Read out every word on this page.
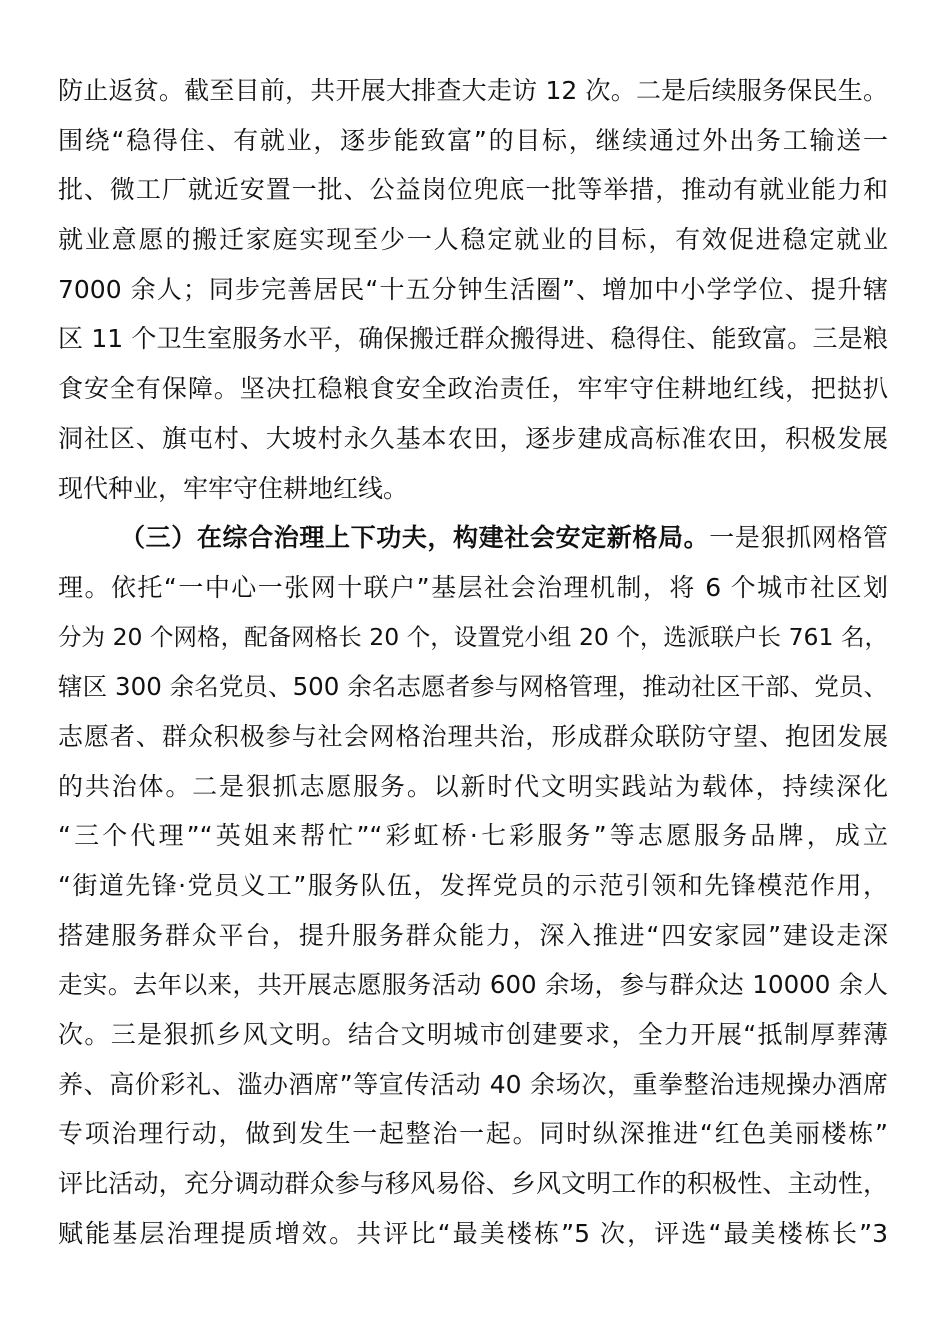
防止返贫。截至目前，共开展大排查大走访 12 次。二是后续服务保民生。
围绕“稳得住、有就业，逐步能致富”的目标，继续通过外出务工输送一
批、微工厂就近安置一批、公益岗位兜底一批等举措，推动有就业能力和
就业意愿的搬迁家庭实现至少一人稳定就业的目标，有效促进稳定就业
7000 余人；同步完善居民“十五分钟生活圈”、增加中小学学位、提升辖
区 11 个卫生室服务水平，确保搬迁群众搬得进、稳得住、能致富。三是粮
食安全有保障。坚决扛稳粮食安全政治责任，牢牢守住耕地红线，把挞扒
洞社区、旗屯村、大坡村永久基本农田，逐步建成高标准农田，积极发展
现代种业，牢牢守住耕地红线。
（三）在综合治理上下功夫，构建社会安定新格局。一是狠抓网格管
理。依托“一中心一张网十联户”基层社会治理机制，将 6 个城市社区划
分为 20 个网格，配备网格长 20 个，设置党小组 20 个，选派联户长 761 名，
辖区 300 余名党员、500 余名志愿者参与网格管理，推动社区干部、党员、
志愿者、群众积极参与社会网格治理共治，形成群众联防守望、抱团发展
的共治体。二是狠抓志愿服务。以新时代文明实践站为载体，持续深化
“三个代理”“英姐来帮忙”“彩虹桥·七彩服务”等志愿服务品牌，成立
“街道先锋·党员义工”服务队伍，发挥党员的示范引领和先锋模范作用，
搭建服务群众平台，提升服务群众能力，深入推进“四安家园”建设走深
走实。去年以来，共开展志愿服务活动 600 余场，参与群众达 10000 余人
次。三是狠抓乡风文明。结合文明城市创建要求，全力开展“抵制厚葬薄
养、高价彩礼、滥办酒席”等宣传活动 40 余场次，重拳整治违规操办酒席
专项治理行动，做到发生一起整治一起。同时纵深推进“红色美丽楼栋”
评比活动，充分调动群众参与移风易俗、乡风文明工作的积极性、主动性，
赋能基层治理提质增效。共评比“最美楼栋”5 次，评选“最美楼栋长”3
